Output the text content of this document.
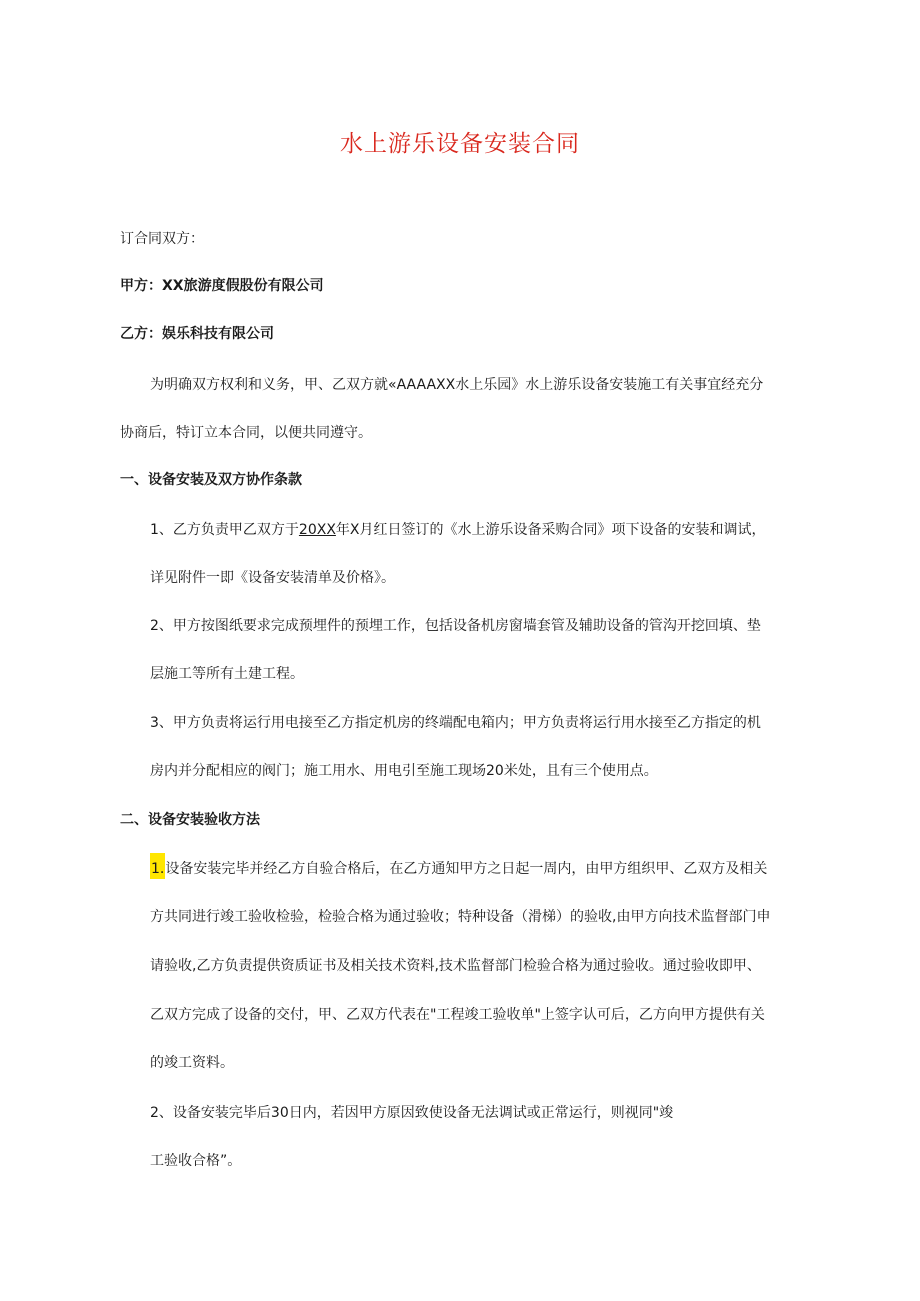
水上游乐设备安装合同
订合同双方：
甲方：XX旅游度假股份有限公司
乙方：娱乐科技有限公司
为明确双方权利和义务，甲、乙双方就«AAAAXX水上乐园》水上游乐设备安装施工有关事宜经充分
协商后，特订立本合同，以便共同遵守。
一、设备安装及双方协作条款
1、乙方负责甲乙双方于20XX年X月红日签订的《水上游乐设备采购合同》项下设备的安装和调试，
详见附件一即《设备安装清单及价格》。
2、甲方按图纸要求完成预埋件的预埋工作，包括设备机房窗墙套管及辅助设备的管沟开挖回填、垫
层施工等所有土建工程。
3、甲方负责将运行用电接至乙方指定机房的终端配电箱内；甲方负责将运行用水接至乙方指定的机
房内并分配相应的阀门；施工用水、用电引至施工现场20米处，且有三个使用点。
二、设备安装验收方法
1.设备安装完毕并经乙方自验合格后，在乙方通知甲方之日起一周内，由甲方组织甲、乙双方及相关
方共同进行竣工验收检验，检验合格为通过验收；特种设备（滑梯）的验收,由甲方向技术监督部门申
请验收,乙方负责提供资质证书及相关技术资料,技术监督部门检验合格为通过验收。通过验收即甲、
乙双方完成了设备的交付，甲、乙双方代表在"工程竣工验收单"上签字认可后，乙方向甲方提供有关
的竣工资料。
2、设备安装完毕后30日内，若因甲方原因致使设备无法调试或正常运行，则视同"竣
工验收合格”。
